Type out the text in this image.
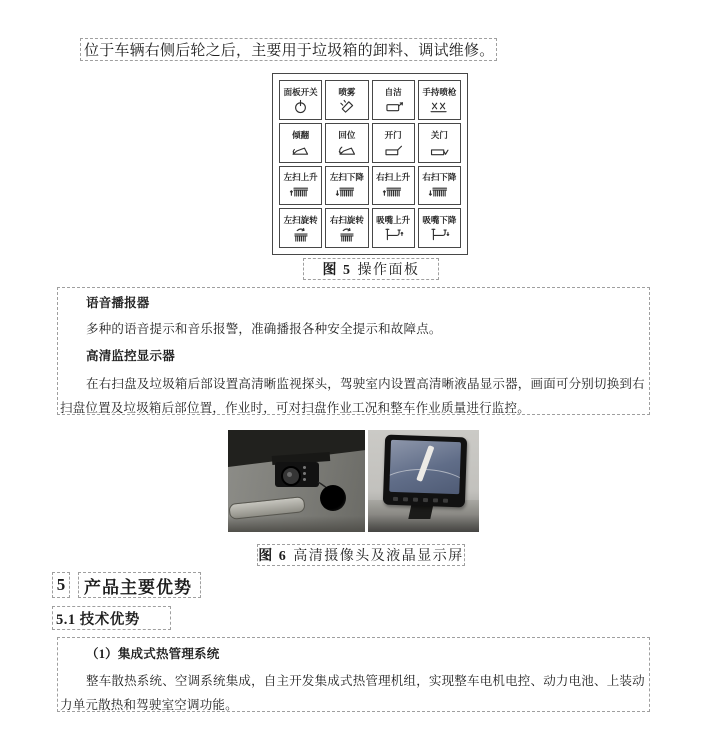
位于车辆右侧后轮之后，主要用于垃圾箱的卸料、调试维修。
面板开关 喷雾	自洁 手持喷枪
倾翻	回位	开门	关门
左扫上升 左扫下降 右扫上升 右扫下降
左扫旋转 右扫旋转 吸嘴上升 吸嘴下降
图 5 操作面板
语音播报器
多种的语音提示和音乐报警，准确播报各种安全提示和故障点。
高清监控显示器
在右扫盘及垃圾箱后部设置高清晰监视探头，驾驶室内设置高清晰液晶显示器，画面可分别切换到右
扫盘位置及垃圾箱后部位置，作业时，可对扫盘作业工况和整车作业质量进行监控。
图 6 高清摄像头及液晶显示屏
5	产品主要优势
5.1 技术优势
（1）集成式热管理系统
整车散热系统、空调系统集成，自主开发集成式热管理机组，实现整车电机电控、动力电池、上装动
力单元散热和驾驶室空调功能。
